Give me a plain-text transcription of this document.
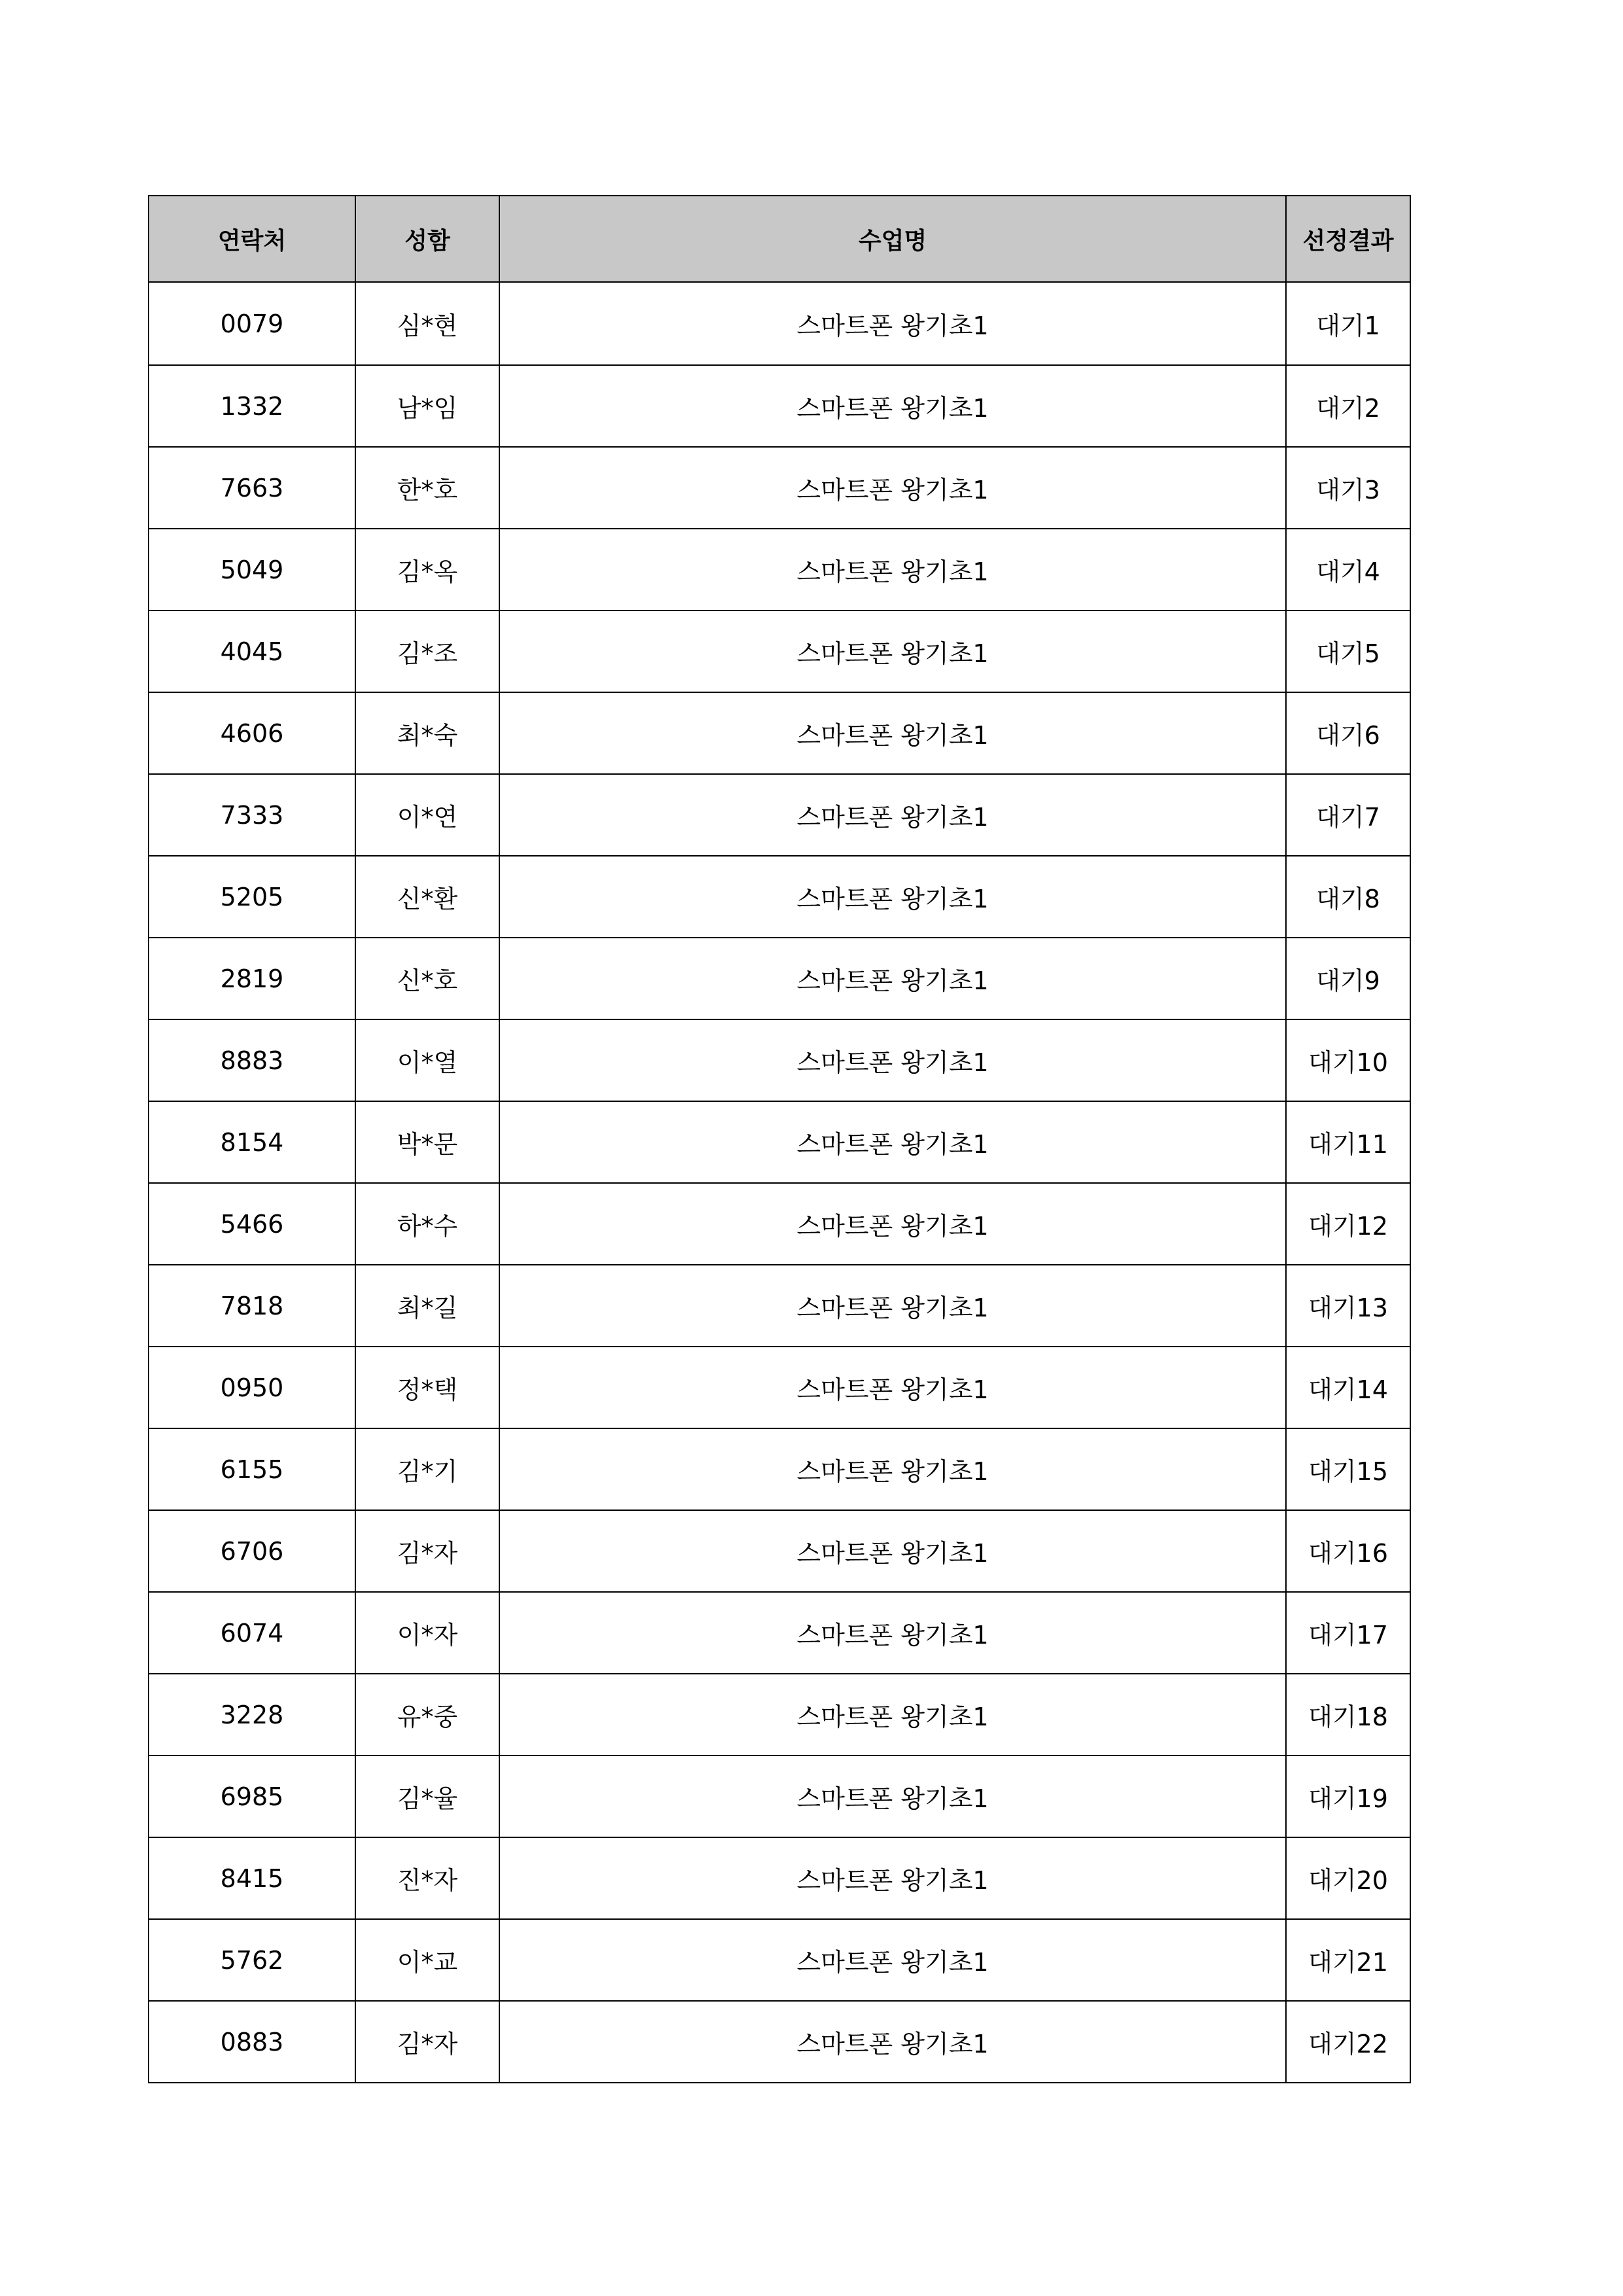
연락처	성함	수업명	선정결과
0079	심*현	스마트폰 왕기초1	대기1
1332	남*임	스마트폰 왕기초1	대기2
7663	한*호	스마트폰 왕기초1	대기3
5049	김*옥	스마트폰 왕기초1	대기4
4045	김*조	스마트폰 왕기초1	대기5
4606	최*숙	스마트폰 왕기초1	대기6
7333	이*연	스마트폰 왕기초1	대기7
5205	신*환	스마트폰 왕기초1	대기8
2819	신*호	스마트폰 왕기초1	대기9
8883	이*열	스마트폰 왕기초1	대기10
8154	박*문	스마트폰 왕기초1	대기11
5466	하*수	스마트폰 왕기초1	대기12
7818	최*길	스마트폰 왕기초1	대기13
0950	정*택	스마트폰 왕기초1	대기14
6155	김*기	스마트폰 왕기초1	대기15
6706	김*자	스마트폰 왕기초1	대기16
6074	이*자	스마트폰 왕기초1	대기17
3228	유*중	스마트폰 왕기초1	대기18
6985	김*율	스마트폰 왕기초1	대기19
8415	진*자	스마트폰 왕기초1	대기20
5762	이*교	스마트폰 왕기초1	대기21
0883	김*자	스마트폰 왕기초1	대기22
